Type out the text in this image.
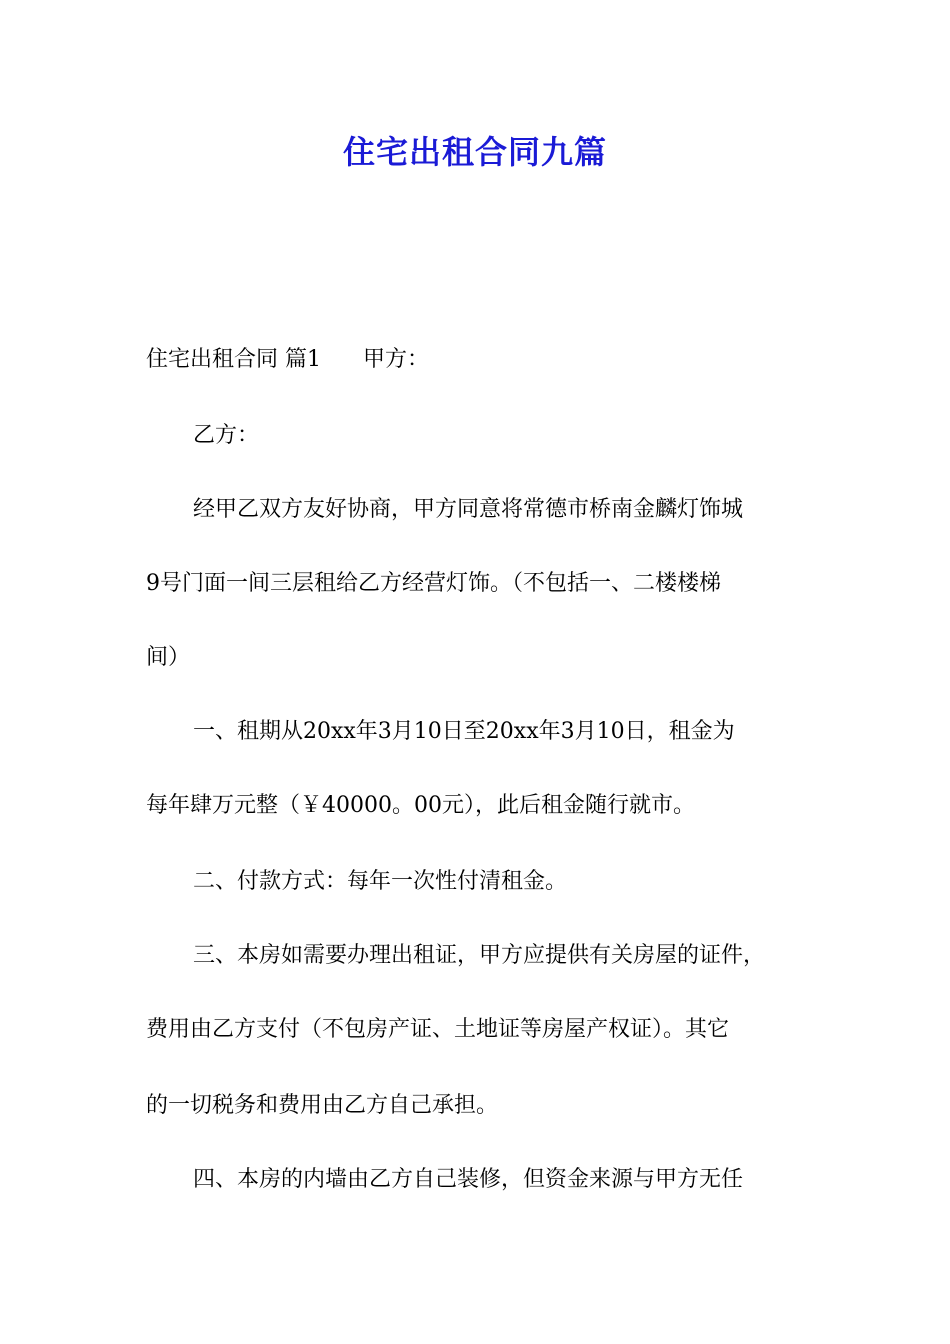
住宅出租合同九篇
住宅出租合同 篇1 甲方：
乙方：
经甲乙双方友好协商，甲方同意将常德市桥南金麟灯饰城
9号门面一间三层租给乙方经营灯饰。（不包括一、二楼楼梯
间）
一、租期从20xx年3月10日至20xx年3月10日，租金为
每年肆万元整（￥40000。00元），此后租金随行就市。
二、付款方式：每年一次性付清租金。
三、本房如需要办理出租证，甲方应提供有关房屋的证件，
费用由乙方支付（不包房产证、土地证等房屋产权证）。其它
的一切税务和费用由乙方自己承担。
四、本房的内墙由乙方自己装修，但资金来源与甲方无任
